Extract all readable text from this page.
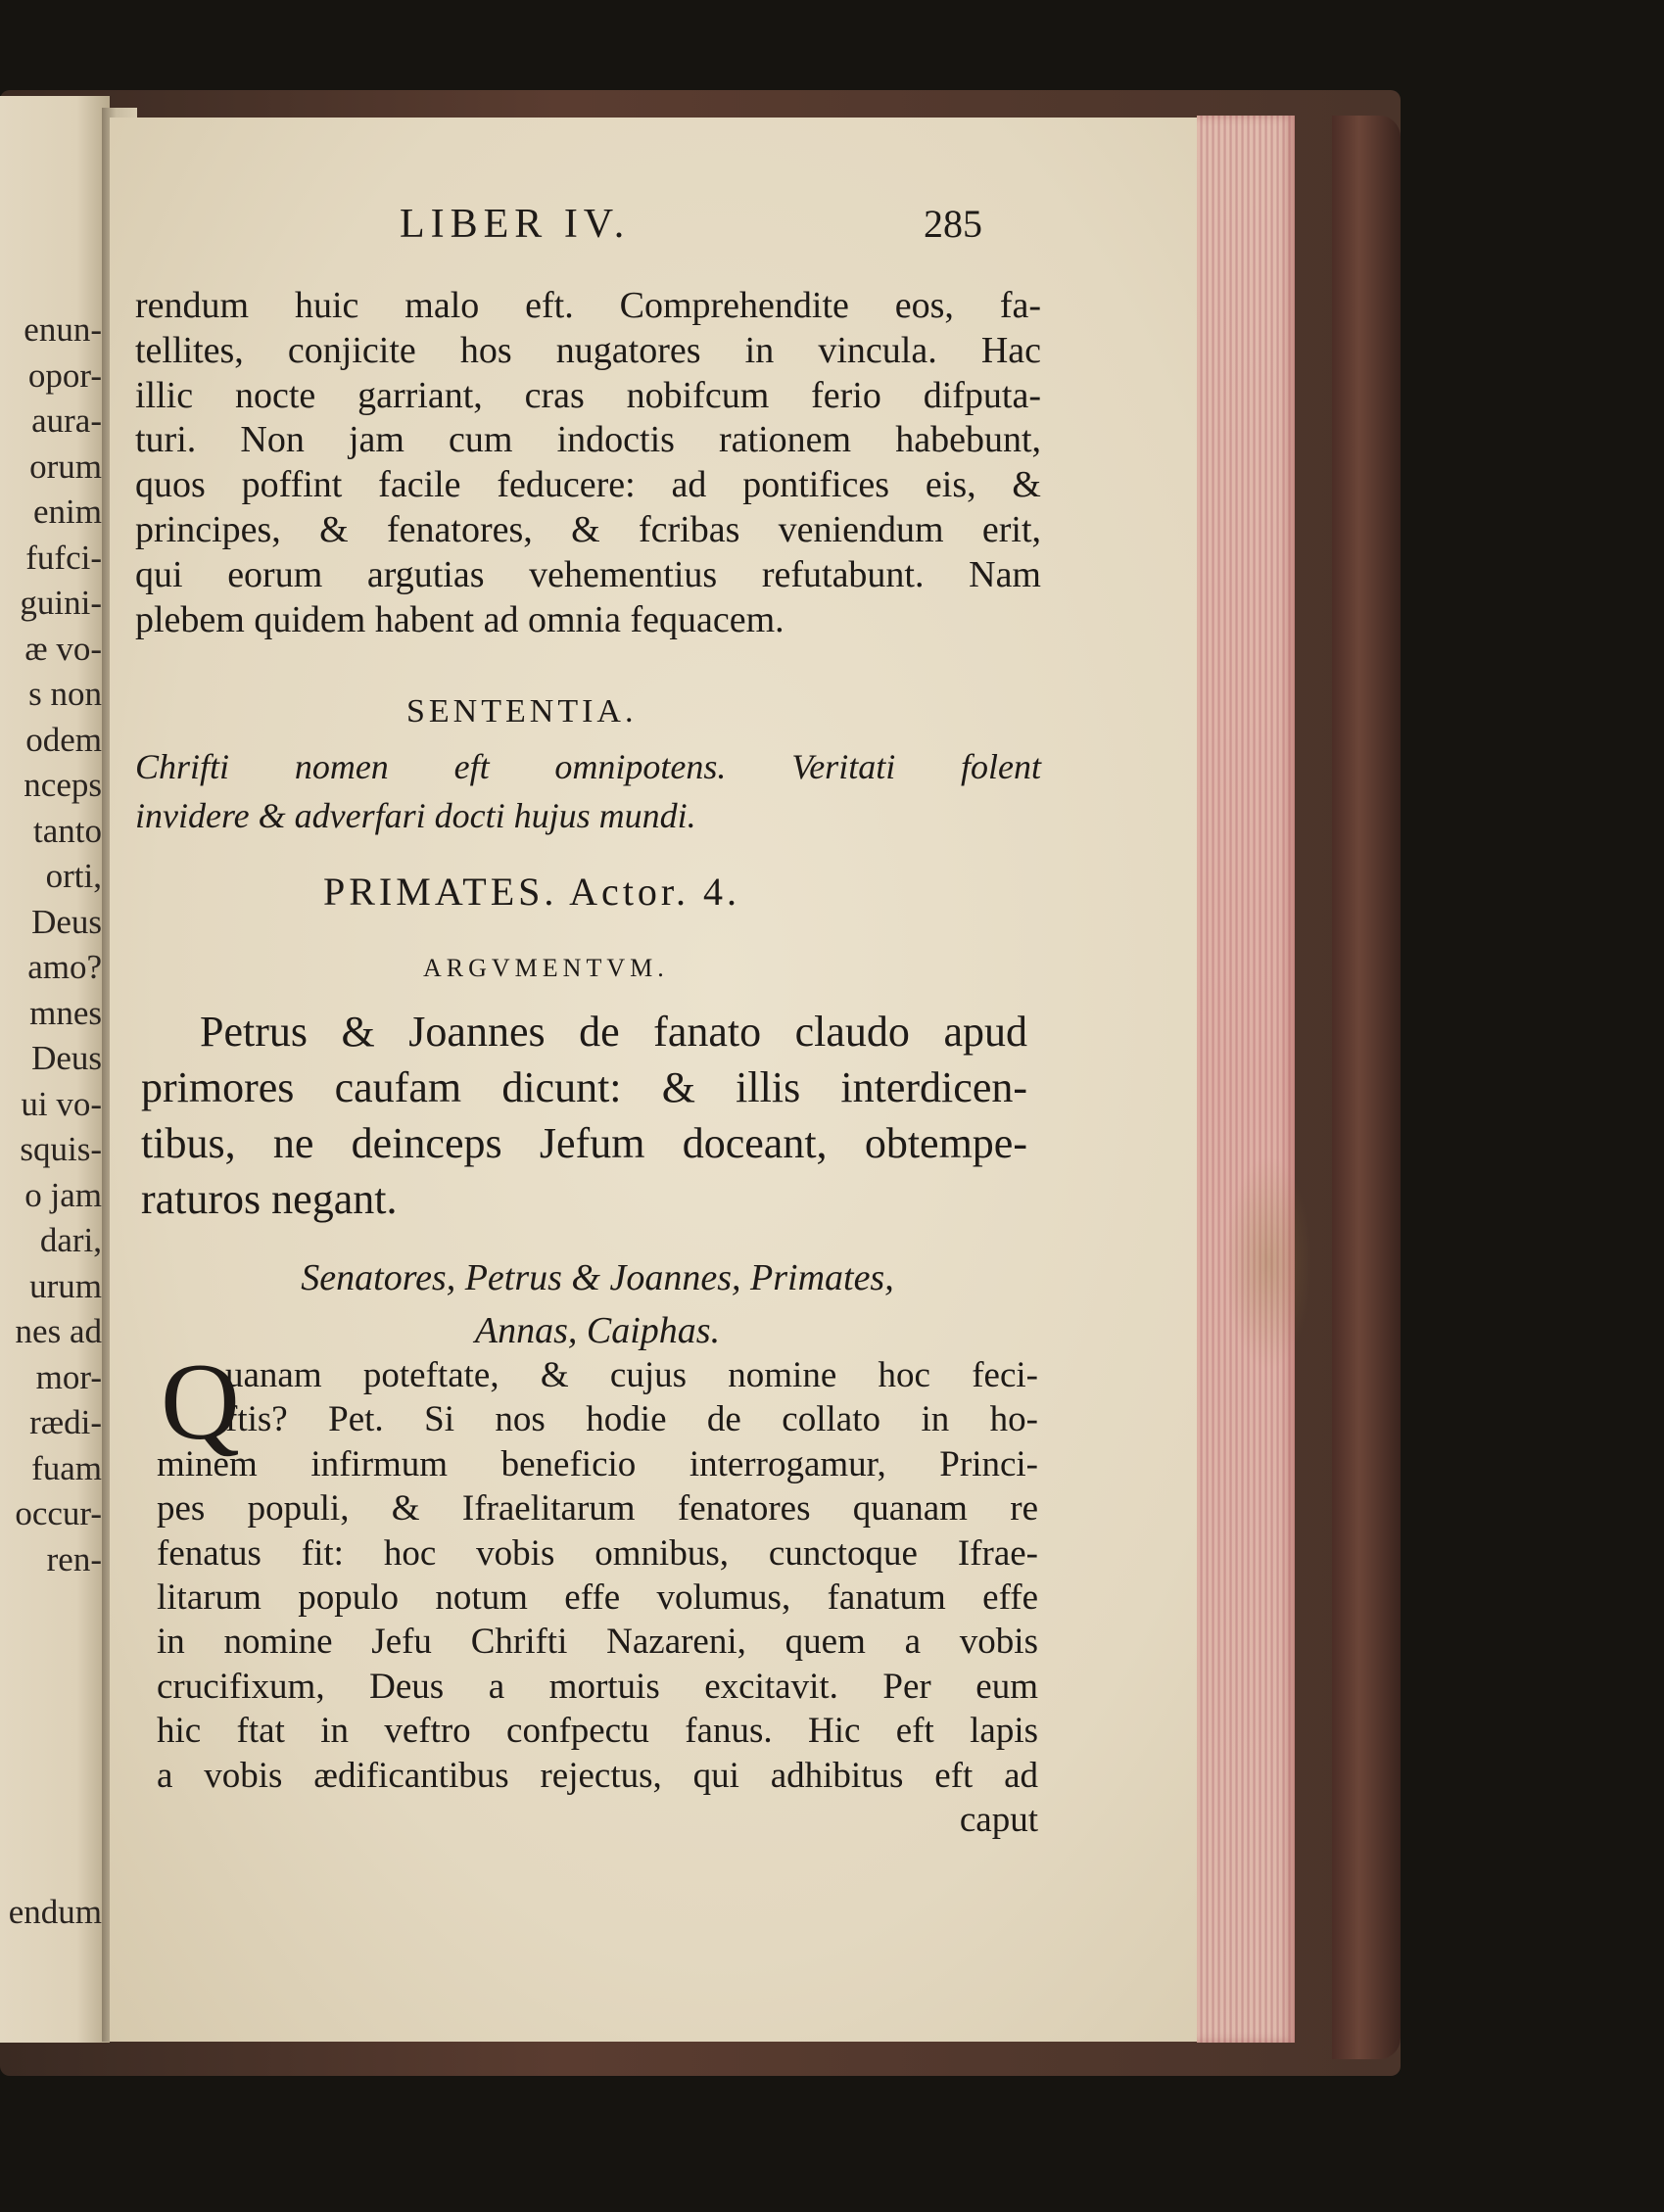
enun-
opor-
aura-
orum
enim
fufci-
guini-
æ vo-
s non
odem
nceps
tanto
orti,
Deus
amo?
mnes
Deus
ui vo-
squis-
o jam
dari,
urum
nes ad
mor-
rædi-
fuam
occur-
ren-
endum
LIBER IV.	285
rendum huic malo eft. Comprehendite eos, fa-
tellites, conjicite hos nugatores in vincula. Hac
illic nocte garriant, cras nobifcum ferio difputa-
turi. Non jam cum indoctis rationem habebunt,
quos poffint facile feducere: ad pontifices eis, &
principes, & fenatores, & fcribas veniendum erit,
qui eorum argutias vehementius refutabunt. Nam
plebem quidem habent ad omnia fequacem.
SENTENTIA.
Chrifti nomen eft omnipotens. Veritati folent
invidere & adverfari docti hujus mundi.
PRIMATES. Actor. 4.
ARGVMENTVM.
Petrus & Joannes de fanato claudo apud
primores caufam dicunt: & illis interdicen-
tibus, ne deinceps Jefum doceant, obtempe-
raturos negant.
Senatores, Petrus & Joannes, Primates,
Annas, Caiphas.
Q
uanam poteftate, & cujus nomine hoc feci-
ftis? Pet. Si nos hodie de collato in ho-
minem infirmum beneficio interrogamur, Princi-
pes populi, & Ifraelitarum fenatores quanam re
fenatus fit: hoc vobis omnibus, cunctoque Ifrae-
litarum populo notum effe volumus, fanatum effe
in nomine Jefu Chrifti Nazareni, quem a vobis
crucifixum, Deus a mortuis excitavit. Per eum
hic ftat in veftro confpectu fanus. Hic eft lapis
a vobis ædificantibus rejectus, qui adhibitus eft ad
caput
